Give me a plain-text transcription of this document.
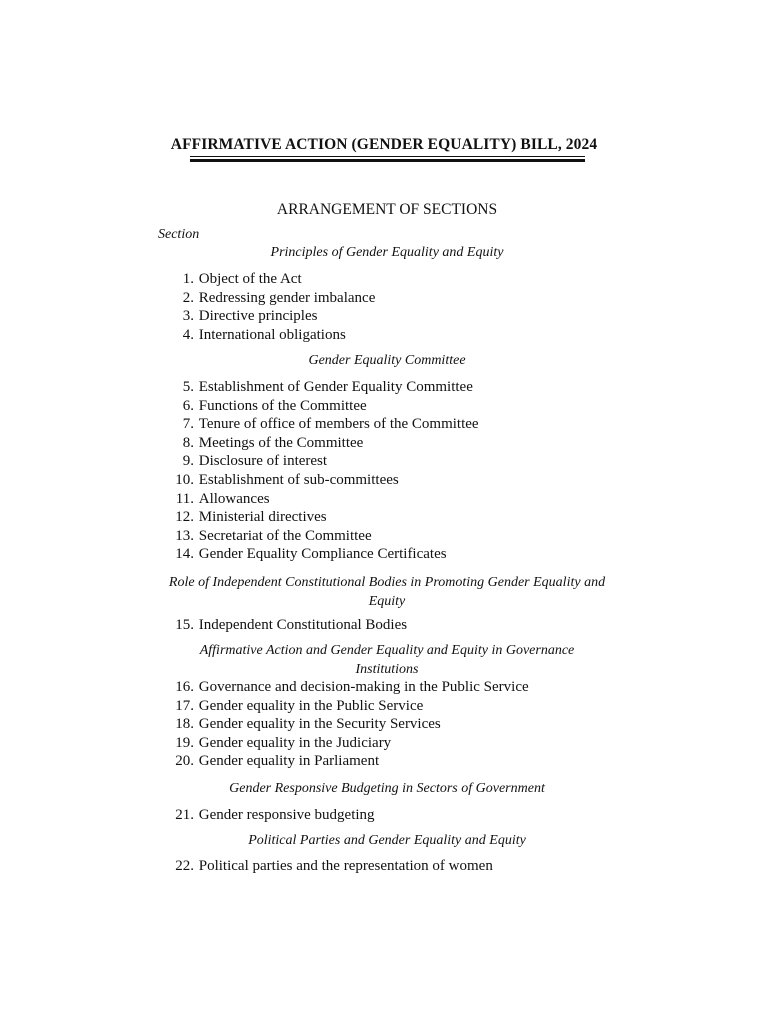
AFFIRMATIVE ACTION (GENDER EQUALITY) BILL, 2024
ARRANGEMENT OF SECTIONS
Section
Principles of Gender Equality and Equity
1. Object of the Act
2. Redressing gender imbalance
3. Directive principles
4. International obligations
Gender Equality Committee
5. Establishment of Gender Equality Committee
6. Functions of the Committee
7. Tenure of office of members of the Committee
8. Meetings of the Committee
9. Disclosure of interest
10. Establishment of sub-committees
11. Allowances
12. Ministerial directives
13. Secretariat of the Committee
14. Gender Equality Compliance Certificates
Role of Independent Constitutional Bodies in Promoting Gender Equality and
Equity
15. Independent Constitutional Bodies
Affirmative Action and Gender Equality and Equity in Governance
Institutions
16. Governance and decision-making in the Public Service
17. Gender equality in the Public Service
18. Gender equality in the Security Services
19. Gender equality in the Judiciary
20. Gender equality in Parliament
Gender Responsive Budgeting in Sectors of Government
21. Gender responsive budgeting
Political Parties and Gender Equality and Equity
22. Political parties and the representation of women
